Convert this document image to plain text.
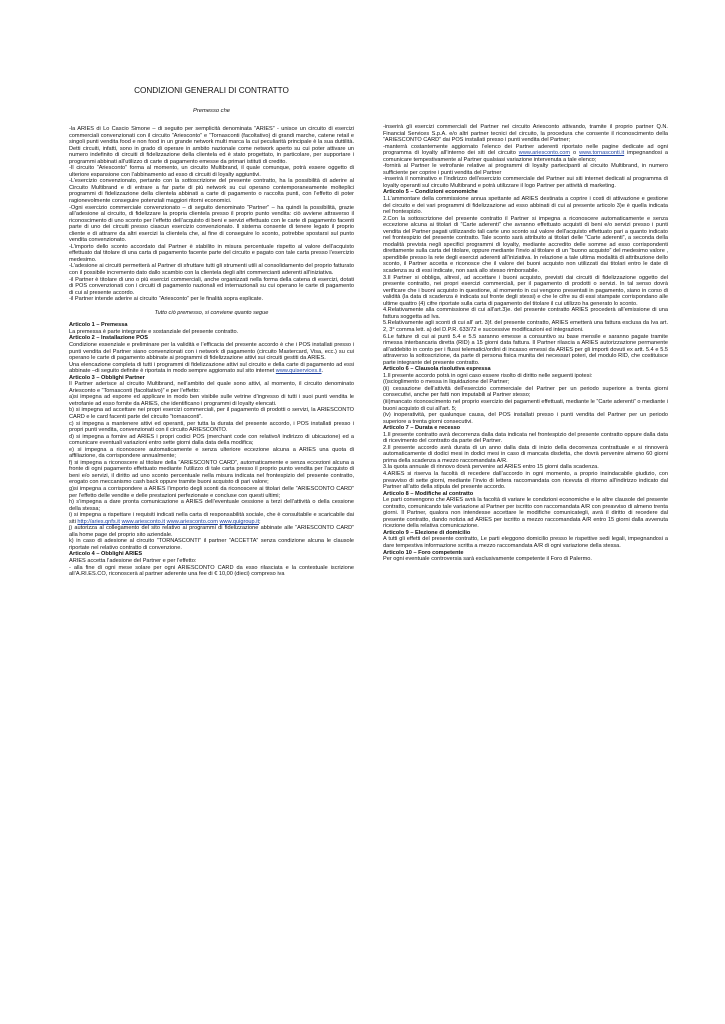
CONDIZIONI GENERALI DI CONTRATTO

Premesso che

-la ARIES di Lo Cascio Simone – di seguito per semplicità denominata “ARIES” - unisce un circuito di esercizi commerciali convenzionati con il circuito “Ariesconto” e “Tornasconti (facoltativo) di grandi marche, catene retail e singoli punti vendita food e non food in un grande network multi marca la cui peculiarità principale è la sua duttilità. Detti circuiti, infatti, sono in grado di operare in ambito nazionale come network aperto su cui poter attivare un numero indefinito di circuiti di fidelizzazione della clientela ed è stato progettato, in particolare, per supportare i programmi abbinati all’utilizzo di carte di pagamento emesse da primari istituti di credito.

-Il circuito “Ariesconto” forma al momento, un circuito Multibrand, il quale comunque, potrà essere oggetto di ulteriore espansione con l’abbinamento ad esso di circuiti di loyalty aggiuntivi.

-L’esercizio convenzionato, pertanto con la sottoscrizione del presente contratto, ha la possibilità di aderire al Circuito Multibrand e di entrare a far parte di più network su cui operano contemporaneamente molteplici programmi di fidelizzazione della clientela abbinati a carte di pagamento o raccolta punti, con l’effetto di poter ragionevolmente conseguire potenziali maggiori ritorni economici.

-Ogni esercizio commerciale convenzionato – di seguito denominato “Partner” – ha quindi la possibilità, grazie all’adesione al circuito, di fidelizzare la propria clientela presso il proprio punto vendita: ciò avviene attraverso il riconoscimento di uno sconto per l’effetto dell’acquisto di beni e servizi effettuato con le carte di pagamento facenti parte di uno dei circuiti presso ciascun esercizio convenzionato. Il sistema consente di tenere legato il proprio cliente e di attrarre da altri esercizi la clientela che, al fine di conseguire lo sconto, potrebbe spostarsi sul punto vendita convenzionato.

-L’importo dello sconto accordato dal Partner è stabilito in misura percentuale rispetto al valore dell’acquisto effettuato dal titolare di una carta di pagamento facente parte del circuito e pagato con tale carta presso l’esercizio medesimo.

-L’adesione ai circuiti permetterà al Partner di sfruttare tutti gli strumenti utili al consolidamento del proprio fatturato con il possibile incremento dato dallo scambio con la clientela degli altri commercianti aderenti all’iniziativa.

-il Partner è titolare di uno o più esercizi commerciali, anche organizzati nella forma della catena di esercizi, dotati di POS convenzionati con i circuiti di pagamento nazionali ed internazionali su cui operano le carte di pagamento di cui al presente accordo.

-il Partner intende aderire ai circuito “Ariesconto” per le finalità sopra esplicate.

Tutto ciò premesso, si conviene quanto segue

Articolo 1 – Premessa

La premessa è parte integrante e sostanziale del presente contratto.

Articolo 2 – Installazione POS

Condizione essenziale e preliminare per la validità e l’efficacia del presente accordo è che i POS installati presso i punti vendita del Partner siano convenzionati con i network di pagamento (circuito Mastercard, Visa, ecc.) su cui operano le carte di pagamento abbinate ai programmi di fidelizzazione attivi sui circuiti gestiti da ARIES.

Una elencazione completa di tutti i programmi di fidelizzazione attivi sul circuito e della carte di pagamento ad essi abbinate –di seguito definite è riportata in modo sempre aggiornato sul sito internet www.quiservices.it.

Articolo 3 – Obblighi Partner

Il Partner aderisce al circuito Multibrand, nell’ambito del quale sono attivi, al momento, il circuito denominato Ariesconto e “Tornasconti (facoltativo)” e per l’effetto:

a)si impegna ad esporre ed applicare in modo ben visibile sulle vetrine d’ingresso di tutti i suoi punti vendita le vetrofanie ad esso fornite da ARIES, che identificano i programmi di loyalty elencati.

b) si impegna ad accettare nei propri esercizi commerciali, per il pagamento di prodotti o servizi, la ARIESCONTO CARD e le card facenti parte del circuito “tornasconti”.

c) si impegna a mantenere attivi ed operanti, per tutta la durata del presente accordo, i POS installati presso i propri punti vendita, convenzionati con il circuito ARIESCONTO.

d) si impegna a fornire ad ARIES i propri codici POS (merchant code con relativo/i indirizzo di ubicazione) ed a comunicare eventuali variazioni entro sette giorni dalla data della modifica;

e) si impegna a riconoscere automaticamente e senza ulteriore eccezione alcuna a ARIES una quota di affiliazione, da corrispondere annualmente;

f) si impegna a riconoscere al titolare della “ARIESCONTO CARD”, automaticamente e senza eccezioni alcuna a fronte di ogni pagamento effettuato mediante l’utilizzo di tale carta presso il proprio punto vendita per l’acquisto di beni e/o servizi, il diritto ad uno sconto percentuale nella misura indicata nel frontespizio del presente contratto, erogato con meccanismo cash back oppure tramite buoni acquisto di pari valore;

g)si impegna a corrispondere a ARIES l’importo degli sconti da riconoscere ai titolari delle “ARIESCONTO CARD” per l’effetto delle vendite e delle prestazioni perfezionate e concluse con questi ultimi;

h) s’impegna a dare pronta comunicazione a ARIES dell’eventuale cessione a terzi dell’attività o della cessione della stessa;

i) si impegna a rispettare i requisiti indicati nella carta di responsabilità sociale, che è consultabile e scaricabile dai siti http://aries.qnfs.it www.ariesconto.it www.ariesconto.com www.quigroup.it;

j) autorizza al collegamento del sito relativo ai programmi di fidelizzazione abbinate alle “ARIESCONTO CARD” alla home page del proprio sito aziendale.

k) in caso di adesione al circuito “TORNASCONTI” il partner “ACCETTA” senza condizione alcuna le clausole riportate nel relativo contratto di convenzione.

Articolo 4 – Obblighi ARIES

ARIES accetta l’adesione del Partner e per l’effetto:

- alla fine di ogni mese solare per ogni ARIESCONTO CARD da esso rilasciata e la contestuale iscrizione all’A.RI.ES.CO, riconoscerà al partner aderente una fee di € 10,00 (dieci) compreso iva

-inserirà gli esercizi commerciali del Partner nel circuito Ariesconto attivando, tramite il proprio partner Q.N. Financial Services S.p.A. e/o altri partner tecnici del circuito, la procedura che consente il riconoscimento della “ARIESCONTO CARD” dai POS installati presso i punti vendita del Partner;

-manterrà costantemente aggiornato l’elenco dei Partner aderenti riportato nelle pagine dedicate ad ogni programma di loyalty all’interno dei siti del circuito www.ariesconto.com o www.tornasconti.it impegnandosi a comunicare tempestivamente al Partner qualsiasi variazione intervenuta a tale elenco;

-fornirà al Partner le vetrofanie relative ai programmi di loyalty partecipanti al circuito Multibrand, in numero sufficiente per coprire i punti vendita del Partner

-inserirà il nominativo e l’indirizzo dell’esercizio commerciale del Partner sui siti internet dedicati al programma di loyalty operanti sul circuito Multibrand e potrà utilizzare il logo Partner per attività di marketing.

Articolo 5 – Condizioni economiche

1.L’ammontare della commissione annua spettante ad ARIES destinata a coprire i costi di attivazione e gestione del circuito e dei vari programmi di fidelizzazione ad esso abbinati di cui al presente articolo 3)e è quella indicata nel frontespizio.

2.Con la sottoscrizione del presente contratto il Partner si impegna a riconoscere automaticamente e senza eccezione alcuna ai titolari di “Carte aderenti” che avranno effettuato acquisti di beni e/o servizi presso i punti vendita del Partner pagati utilizzando tali carte uno sconto sul valore dell’acquisto effettuato pari a quanto indicato nel frontespizio del presente contratto. Tale sconto sarà attribuito ai titolari delle “Carte aderenti”, a seconda della modalità prevista negli specifici programmi di loyalty, mediante accredito delle somme ad esso corrispondenti direttamente sulla carta del titolare, oppure mediante l’invio al titolare di un “buono acquisto” del medesimo valore , spendibile presso la rete degli esercizi aderenti all’iniziativa. In relazione a tale ultima modalità di attribuzione dello sconto, il Partner accetta e riconosce che il valore dei buoni acquisto non utilizzati dai titolari entro le date di scadenza su di essi indicate, non sarà allo stesso rimborsabile.

3.Il Partner si obbliga, altresì, ad accettare i buoni acquisto, previsti dai circuiti di fidelizzazione oggetto del presente contratto, nei propri esercizi commerciali, per il pagamento di prodotti o servizi. In tal senso dovrà verificare che i buoni acquisto in questione, al momento in cui vengono presentati in pagamento, siano in corso di validità (la data di scadenza è indicata sul fronte degli stessi) e che le cifre su di essi stampate corrispondano alle ultime quattro (4) cifre riportate sulla carta di pagamento del titolare il cui utilizzo ha generato lo sconto.

4.Relativamente alla commissione di cui all’art.3)e. del presente contratto ARIES procederà all’emissione di una fattura soggetta ad Iva.

5.Relativamente agli sconti di cui all’ art. 3)f. del presente contratto, ARIES emetterà una fattura esclusa da Iva art. 2, 3° comma lett. a) del D.P.R. 633/72 e successive modificazioni ed integrazioni.

6.Le fatture di cui ai punti 5.4 e 5.5 saranno emesse a consuntivo su base mensile e saranno pagate tramite rimessa interbancaria diretta (RID) a 15 giorni data fattura. Il Partner rilascia a ARIES autorizzazione permanente all’addebito in conto per i flussi telematici/ordini di incasso emessi da ARIES per gli importi dovuti ex artt. 5.4 e 5.5 attraverso la sottoscrizione, da parte di persona fisica munita dei necessari poteri, del modulo RID, che costituisce parte integrante del presente contratto.

Articolo 6 – Clausola risolutiva espressa

1.Il presente accordo potrà in ogni caso essere risolto di diritto nelle seguenti ipotesi:

(i)scioglimento o messa in liquidazione del Partner;

(ii) cessazione dell’attività dell’esercizio commerciale del Partner per un periodo superiore a trenta giorni consecutivi, anche per fatti non imputabili al Partner stesso;

(iii)mancato riconoscimento nel proprio esercizio dei pagamenti effettuati, mediante le “Carte aderenti” o mediante i buoni acquisto di cui all’art. 5;

(iv) inoperatività, per qualunque causa, del POS installati presso i punti vendita del Partner per un periodo superiore a trenta giorni consecutivi.

Articolo 7 – Durata e recesso

1.Il presente contratto avrà decorrenza dalla data indicata nel frontespizio del presente contratto oppure dalla data di ricevimento del contratto da parte del Partner.

2.Il presente accordo avrà durata di un anno dalla data di inizio della decorrenza contrattuale e si rinnoverà automaticamente di dodici mesi in dodici mesi in caso di mancata disdetta, che dovrà pervenire almeno 60 giorni prima della scadenza a mezzo raccomandata A/R.

3.la quota annuale di rinnovo dovrà pervenire ad ARIES entro 15 giorni dalla scadenza.

4.ARIES si riserva la facoltà di recedere dall’accordo in ogni momento, a proprio insindacabile giudizio, con preavviso di sette giorni, mediante l’invio di lettera raccomandata con ricevuta di ritorno all’indirizzo indicato dal Partner all’atto della stipula del presente accordo.

Articolo 8 – Modifiche al contratto

Le parti convengono che ARIES avrà la facoltà di variare le condizioni economiche e le altre clausole del presente contratto, comunicando tale variazione al Partner per iscritto con raccomandata A/R con preavviso di almeno trenta giorni. Il Partner, qualora non intendesse accettare le modifiche comunicategli, avrà il diritto di recedere dal presente contratto, dando notizia ad ARIES per iscritto a mezzo raccomandata A/R entro 15 giorni dalla avvenuta ricezione della relativa comunicazione.

Articolo 9 – Elezione di domicilio

A tutti gli effetti del presente contratto, Le parti eleggono domicilio presso le rispettive sedi legali, impegnandosi a dare tempestiva informazione scritta a mezzo raccomandata A/R di ogni variazione della stessa.

Articolo 10 – Foro competente

Per ogni eventuale controversia sarà esclusivamente competente il Foro di Palermo.
